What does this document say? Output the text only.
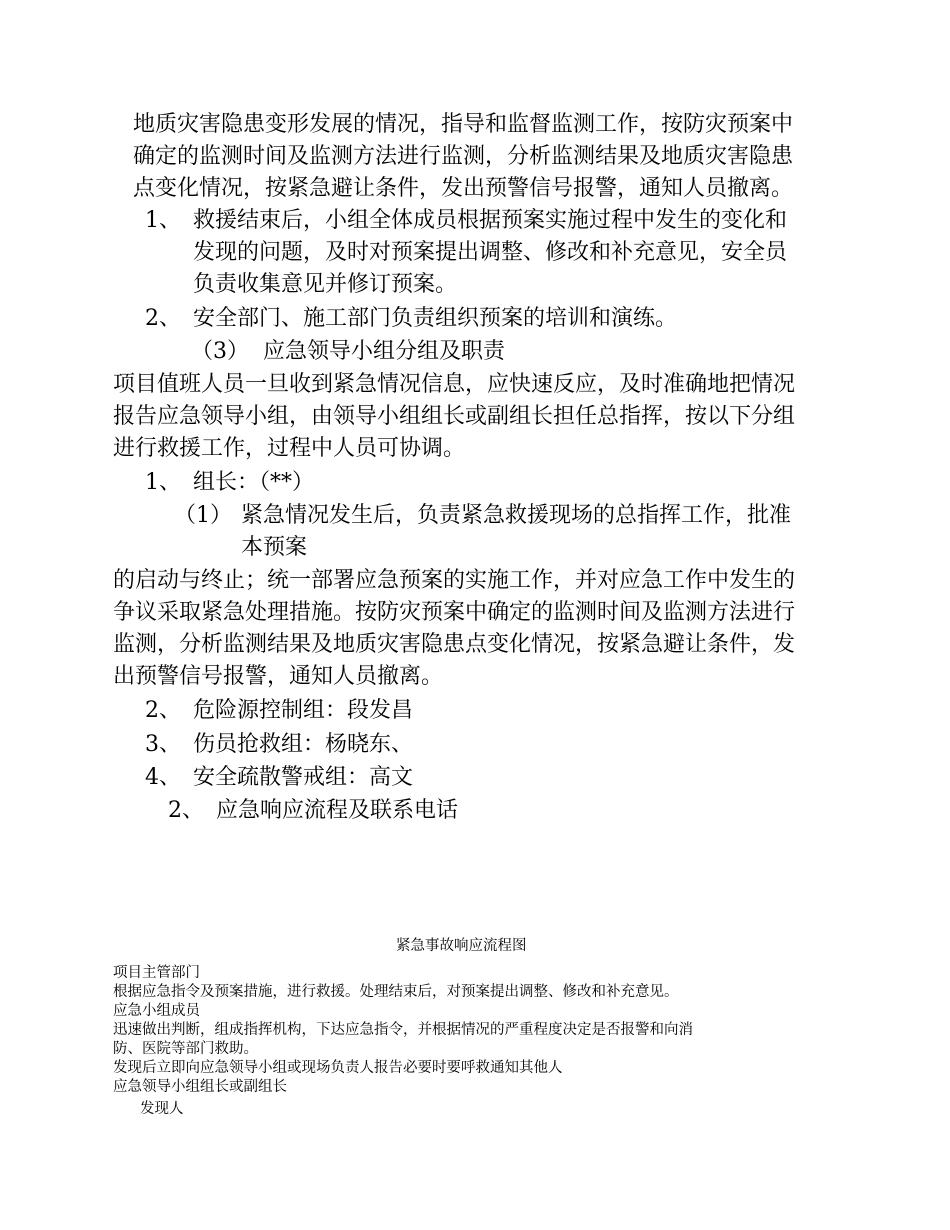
地质灾害隐患变形发展的情况，指导和监督监测工作，按防灾预案中
确定的监测时间及监测方法进行监测，分析监测结果及地质灾害隐患
点变化情况，按紧急避让条件，发出预警信号报警，通知人员撤离。
1、 救援结束后，小组全体成员根据预案实施过程中发生的变化和
发现的问题，及时对预案提出调整、修改和补充意见，安全员
负责收集意见并修订预案。
2、 安全部门、施工部门负责组织预案的培训和演练。
（3） 应急领导小组分组及职责
项目值班人员一旦收到紧急情况信息，应快速反应，及时准确地把情况
报告应急领导小组，由领导小组组长或副组长担任总指挥，按以下分组
进行救援工作，过程中人员可协调。
1、 组长：（**）
（1） 紧急情况发生后，负责紧急救援现场的总指挥工作，批准
本预案
的启动与终止；统一部署应急预案的实施工作，并对应急工作中发生的
争议采取紧急处理措施。按防灾预案中确定的监测时间及监测方法进行
监测，分析监测结果及地质灾害隐患点变化情况，按紧急避让条件，发
出预警信号报警，通知人员撤离。
2、 危险源控制组：段发昌
3、 伤员抢救组：杨晓东、
4、 安全疏散警戒组：高文
2、 应急响应流程及联系电话
紧急事故响应流程图
项目主管部门
根据应急指令及预案措施，进行救援。处理结束后，对预案提出调整、修改和补充意见。
应急小组成员
迅速做出判断，组成指挥机构，下达应急指令，并根据情况的严重程度决定是否报警和向消
防、医院等部门救助。
发现后立即向应急领导小组或现场负责人报告必要时要呼救通知其他人
应急领导小组组长或副组长
发现人
